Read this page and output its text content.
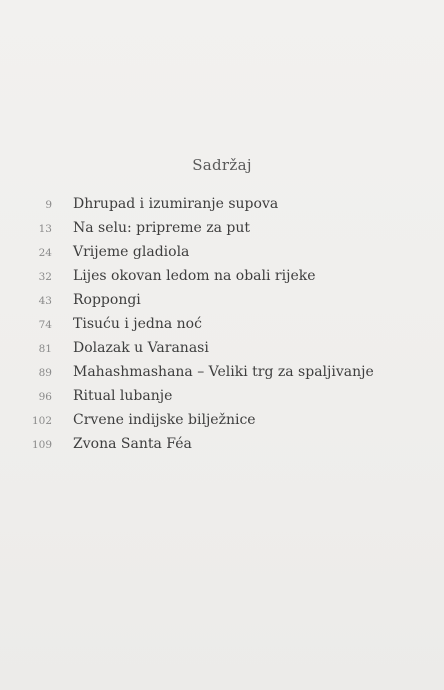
Sadržaj
9 Dhrupad i izumiranje supova
13 Na selu: pripreme za put
24 Vrijeme gladiola
32 Lijes okovan ledom na obali rijeke
43 Roppongi
74 Tisuću i jedna noć
81 Dolazak u Varanasi
89 Mahashmashana – Veliki trg za spaljivanje
96 Ritual lubanje
102 Crvene indijske bilježnice
109 Zvona Santa Féa
